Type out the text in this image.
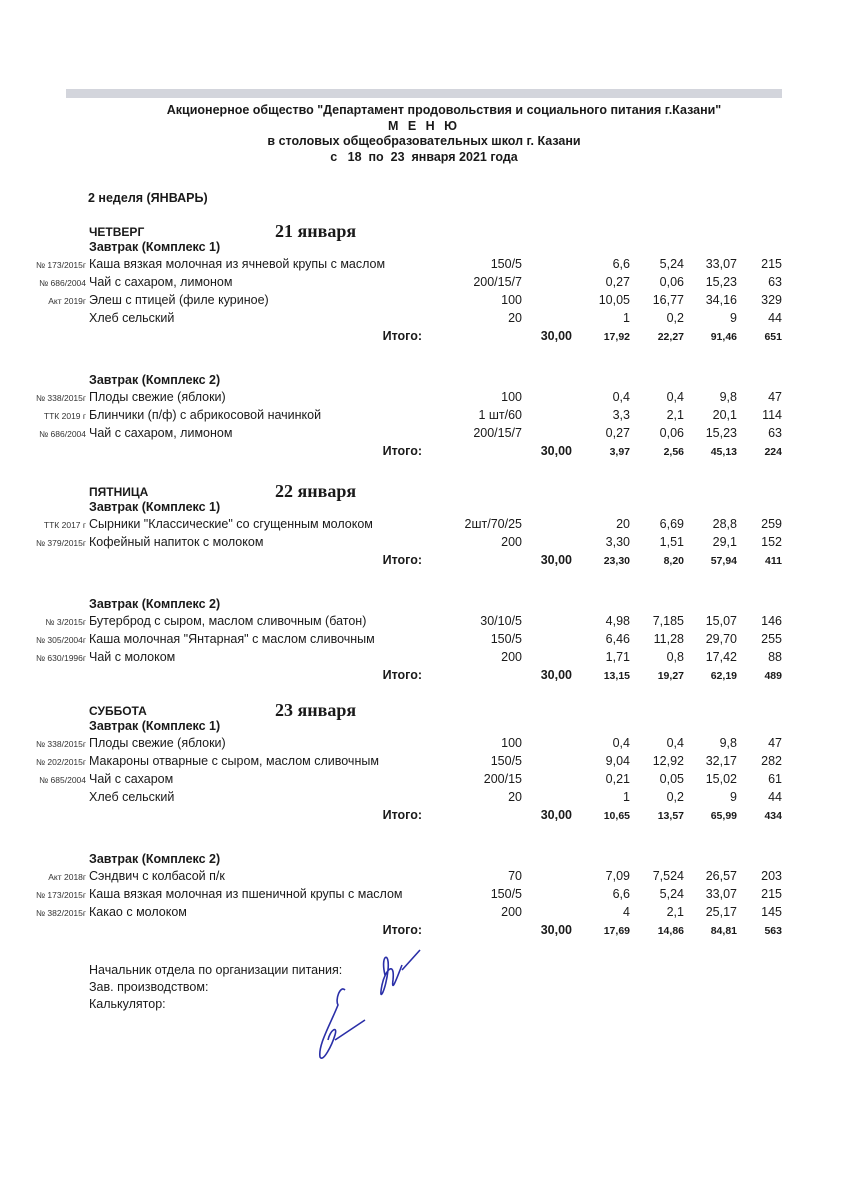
Акционерное общество "Департамент продовольствия и социального питания г.Казани"
М Е Н Ю
в столовых общеобразовательных школ г. Казани
с   18  по  23  января 2021 года
2 неделя (ЯНВАРЬ)
ЧЕТВЕРГ	21 января
Завтрак (Комплекс 1)
№ 173/2015г Каша вязкая молочная из ячневой крупы с маслом	150/5	6,6 5,24 33,07 215
№ 686/2004 Чай с сахаром, лимоном	200/15/7	0,27 0,06 15,23 63
Акт 2019г Элеш с птицей (филе куриное)	100	10,05 16,77 34,16 329
Хлеб сельский	20	1	0,2	9 44
Итого:	30,00	17,92	22,27	91,46	651
Завтрак (Комплекс 2)
№ 338/2015г Плоды свежие (яблоки)	100	0,4	0,4	9,8 47
ТТК 2019 г Блинчики (п/ф) с абрикосовой начинкой	1 шт/60	3,3	2,1 20,1 114
№ 686/2004 Чай с сахаром, лимоном	200/15/7	0,27 0,06 15,23 63
Итого:	30,00	3,97	2,56	45,13	224
ПЯТНИЦА	22 января
Завтрак (Комплекс 1)
ТТК 2017 г Сырники "Классические" со сгущенным молоком	2шт/70/25	20 6,69 28,8 259
№ 379/2015г Кофейный напиток с молоком	200	3,30 1,51 29,1 152
Итого:	30,00	23,30	8,20	57,94	411
Завтрак (Комплекс 2)
№ 3/2015г Бутерброд с сыром, маслом сливочным (батон)	30/10/5	4,98 7,185 15,07 146
№ 305/2004г Каша молочная "Янтарная" с маслом сливочным	150/5	6,46 11,28 29,70 255
№ 630/1996г Чай с молоком	200	1,71	0,8 17,42 88
Итого:	30,00	13,15	19,27	62,19	489
СУББОТА	23 января
Завтрак (Комплекс 1)
№ 338/2015г Плоды свежие (яблоки)	100	0,4	0,4	9,8 47
№ 202/2015г Макароны отварные с сыром, маслом сливочным	150/5	9,04 12,92 32,17 282
№ 685/2004 Чай с сахаром	200/15	0,21 0,05 15,02 61
Хлеб сельский	20	1	0,2	9 44
Итого:	30,00	10,65	13,57	65,99	434
Завтрак (Комплекс 2)
Акт 2018г Сэндвич с колбасой п/к	70	7,09 7,524 26,57 203
№ 173/2015г Каша вязкая молочная из пшеничной крупы с маслом	150/5	6,6 5,24 33,07 215
№ 382/2015г Какао с молоком	200	4	2,1 25,17 145
Итого:	30,00	17,69	14,86	84,81	563
Начальник отдела по организации питания:
Зав. производством:
Калькулятор:
